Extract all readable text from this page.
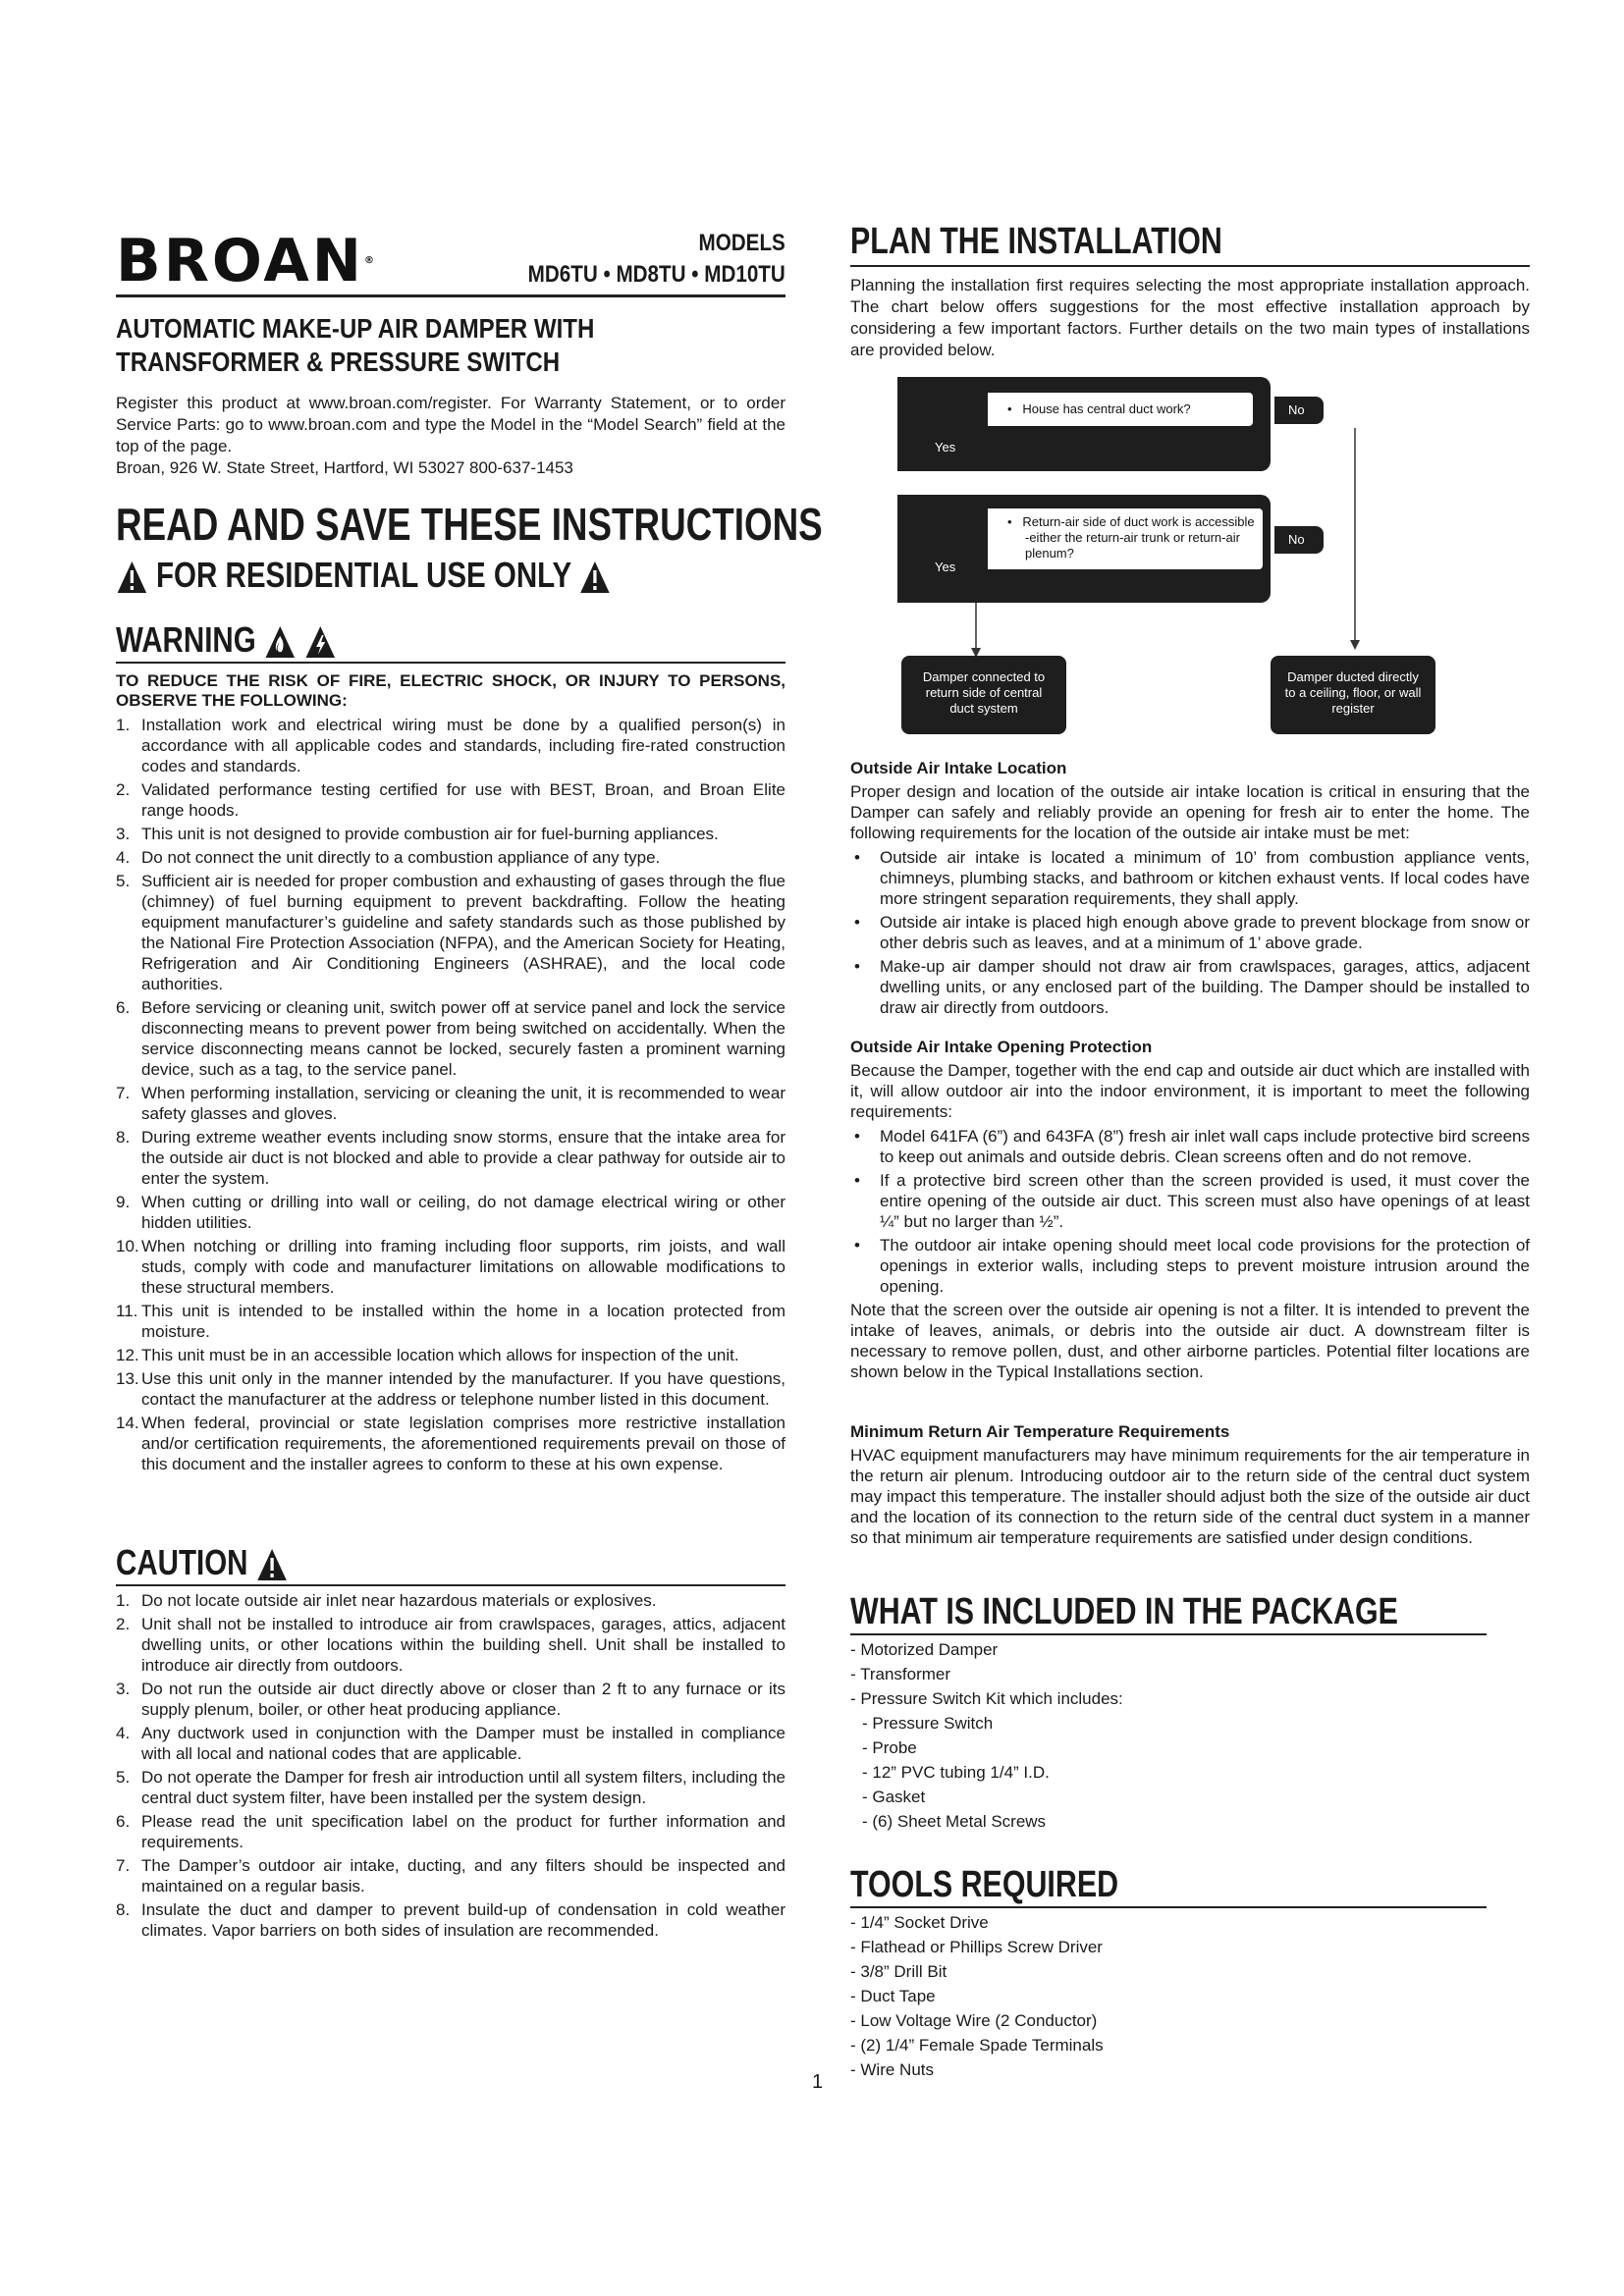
BROAN®
MODELS
MD6TU • MD8TU • MD10TU
AUTOMATIC MAKE-UP AIR DAMPER WITH
TRANSFORMER & PRESSURE SWITCH
Register this product at www.broan.com/register. For Warranty Statement, or to order Service Parts: go to www.broan.com and type the Model in the “Model Search” field at the top of the page.
Broan, 926 W. State Street, Hartford, WI 53027 800-637-1453
READ AND SAVE THESE INSTRUCTIONS
FOR RESIDENTIAL USE ONLY
WARNING
TO REDUCE THE RISK OF FIRE, ELECTRIC SHOCK, OR INJURY TO PERSONS, OBSERVE THE FOLLOWING:
1. Installation work and electrical wiring must be done by a qualified person(s) in accordance with all applicable codes and standards, including fire-rated construction codes and standards.
2. Validated performance testing certified for use with BEST, Broan, and Broan Elite range hoods.
3. This unit is not designed to provide combustion air for fuel-burning appliances.
4. Do not connect the unit directly to a combustion appliance of any type.
5. Sufficient air is needed for proper combustion and exhausting of gases through the flue (chimney) of fuel burning equipment to prevent backdrafting. Follow the heating equipment manufacturer’s guideline and safety standards such as those published by the National Fire Protection Association (NFPA), and the American Society for Heating, Refrigeration and Air Conditioning Engineers (ASHRAE), and the local code authorities.
6. Before servicing or cleaning unit, switch power off at service panel and lock the service disconnecting means to prevent power from being switched on accidentally. When the service disconnecting means cannot be locked, securely fasten a prominent warning device, such as a tag, to the service panel.
7. When performing installation, servicing or cleaning the unit, it is recommended to wear safety glasses and gloves.
8. During extreme weather events including snow storms, ensure that the intake area for the outside air duct is not blocked and able to provide a clear pathway for outside air to enter the system.
9. When cutting or drilling into wall or ceiling, do not damage electrical wiring or other hidden utilities.
10. When notching or drilling into framing including floor supports, rim joists, and wall studs, comply with code and manufacturer limitations on allowable modifications to these structural members.
11. This unit is intended to be installed within the home in a location protected from moisture.
12. This unit must be in an accessible location which allows for inspection of the unit.
13. Use this unit only in the manner intended by the manufacturer. If you have questions, contact the manufacturer at the address or telephone number listed in this document.
14. When federal, provincial or state legislation comprises more restrictive installation and/or certification requirements, the aforementioned requirements prevail on those of this document and the installer agrees to conform to these at his own expense.
CAUTION
1. Do not locate outside air inlet near hazardous materials or explosives.
2. Unit shall not be installed to introduce air from crawlspaces, garages, attics, adjacent dwelling units, or other locations within the building shell. Unit shall be installed to introduce air directly from outdoors.
3. Do not run the outside air duct directly above or closer than 2 ft to any furnace or its supply plenum, boiler, or other heat producing appliance.
4. Any ductwork used in conjunction with the Damper must be installed in compliance with all local and national codes that are applicable.
5. Do not operate the Damper for fresh air introduction until all system filters, including the central duct system filter, have been installed per the system design.
6. Please read the unit specification label on the product for further information and requirements.
7. The Damper’s outdoor air intake, ducting, and any filters should be inspected and maintained on a regular basis.
8. Insulate the duct and damper to prevent build-up of condensation in cold weather climates. Vapor barriers on both sides of insulation are recommended.
PLAN THE INSTALLATION
Planning the installation first requires selecting the most appropriate installation approach. The chart below offers suggestions for the most effective installation approach by considering a few important factors. Further details on the two main types of installations are provided below.
Yes
•   House has central duct work?	No
Yes
•   Return-air side of duct work is accessible -either the return-air trunk or return-air plenum?
No
Damper connected to return side of central duct system
Damper ducted directly to a ceiling, floor, or wall register
Outside Air Intake Location
Proper design and location of the outside air intake location is critical in ensuring that the Damper can safely and reliably provide an opening for fresh air to enter the home. The following requirements for the location of the outside air intake must be met:
• Outside air intake is located a minimum of 10’ from combustion appliance vents, chimneys, plumbing stacks, and bathroom or kitchen exhaust vents. If local codes have more stringent separation requirements, they shall apply.
• Outside air intake is placed high enough above grade to prevent blockage from snow or other debris such as leaves, and at a minimum of 1’ above grade.
• Make-up air damper should not draw air from crawlspaces, garages, attics, adjacent dwelling units, or any enclosed part of the building. The Damper should be installed to draw air directly from outdoors.
Outside Air Intake Opening Protection
Because the Damper, together with the end cap and outside air duct which are installed with it, will allow outdoor air into the indoor environment, it is important to meet the following requirements:
• Model 641FA (6”) and 643FA (8”) fresh air inlet wall caps include protective bird screens to keep out animals and outside debris. Clean screens often and do not remove.
• If a protective bird screen other than the screen provided is used, it must cover the entire opening of the outside air duct. This screen must also have openings of at least ¼” but no larger than ½”.
• The outdoor air intake opening should meet local code provisions for the protection of openings in exterior walls, including steps to prevent moisture intrusion around the opening.
Note that the screen over the outside air opening is not a filter. It is intended to prevent the intake of leaves, animals, or debris into the outside air duct. A downstream filter is necessary to remove pollen, dust, and other airborne particles. Potential filter locations are shown below in the Typical Installations section.
Minimum Return Air Temperature Requirements
HVAC equipment manufacturers may have minimum requirements for the air temperature in the return air plenum. Introducing outdoor air to the return side of the central duct system may impact this temperature. The installer should adjust both the size of the outside air duct and the location of its connection to the return side of the central duct system in a manner so that minimum air temperature requirements are satisfied under design conditions.
WHAT IS INCLUDED IN THE PACKAGE
- Motorized Damper
- Transformer
- Pressure Switch Kit which includes:
- Pressure Switch
- Probe
- 12” PVC tubing 1/4” I.D.
- Gasket
- (6) Sheet Metal Screws
TOOLS REQUIRED
- 1/4” Socket Drive
- Flathead or Phillips Screw Driver
- 3/8” Drill Bit
- Duct Tape
- Low Voltage Wire (2 Conductor)
- (2) 1/4” Female Spade Terminals
- Wire Nuts
1
